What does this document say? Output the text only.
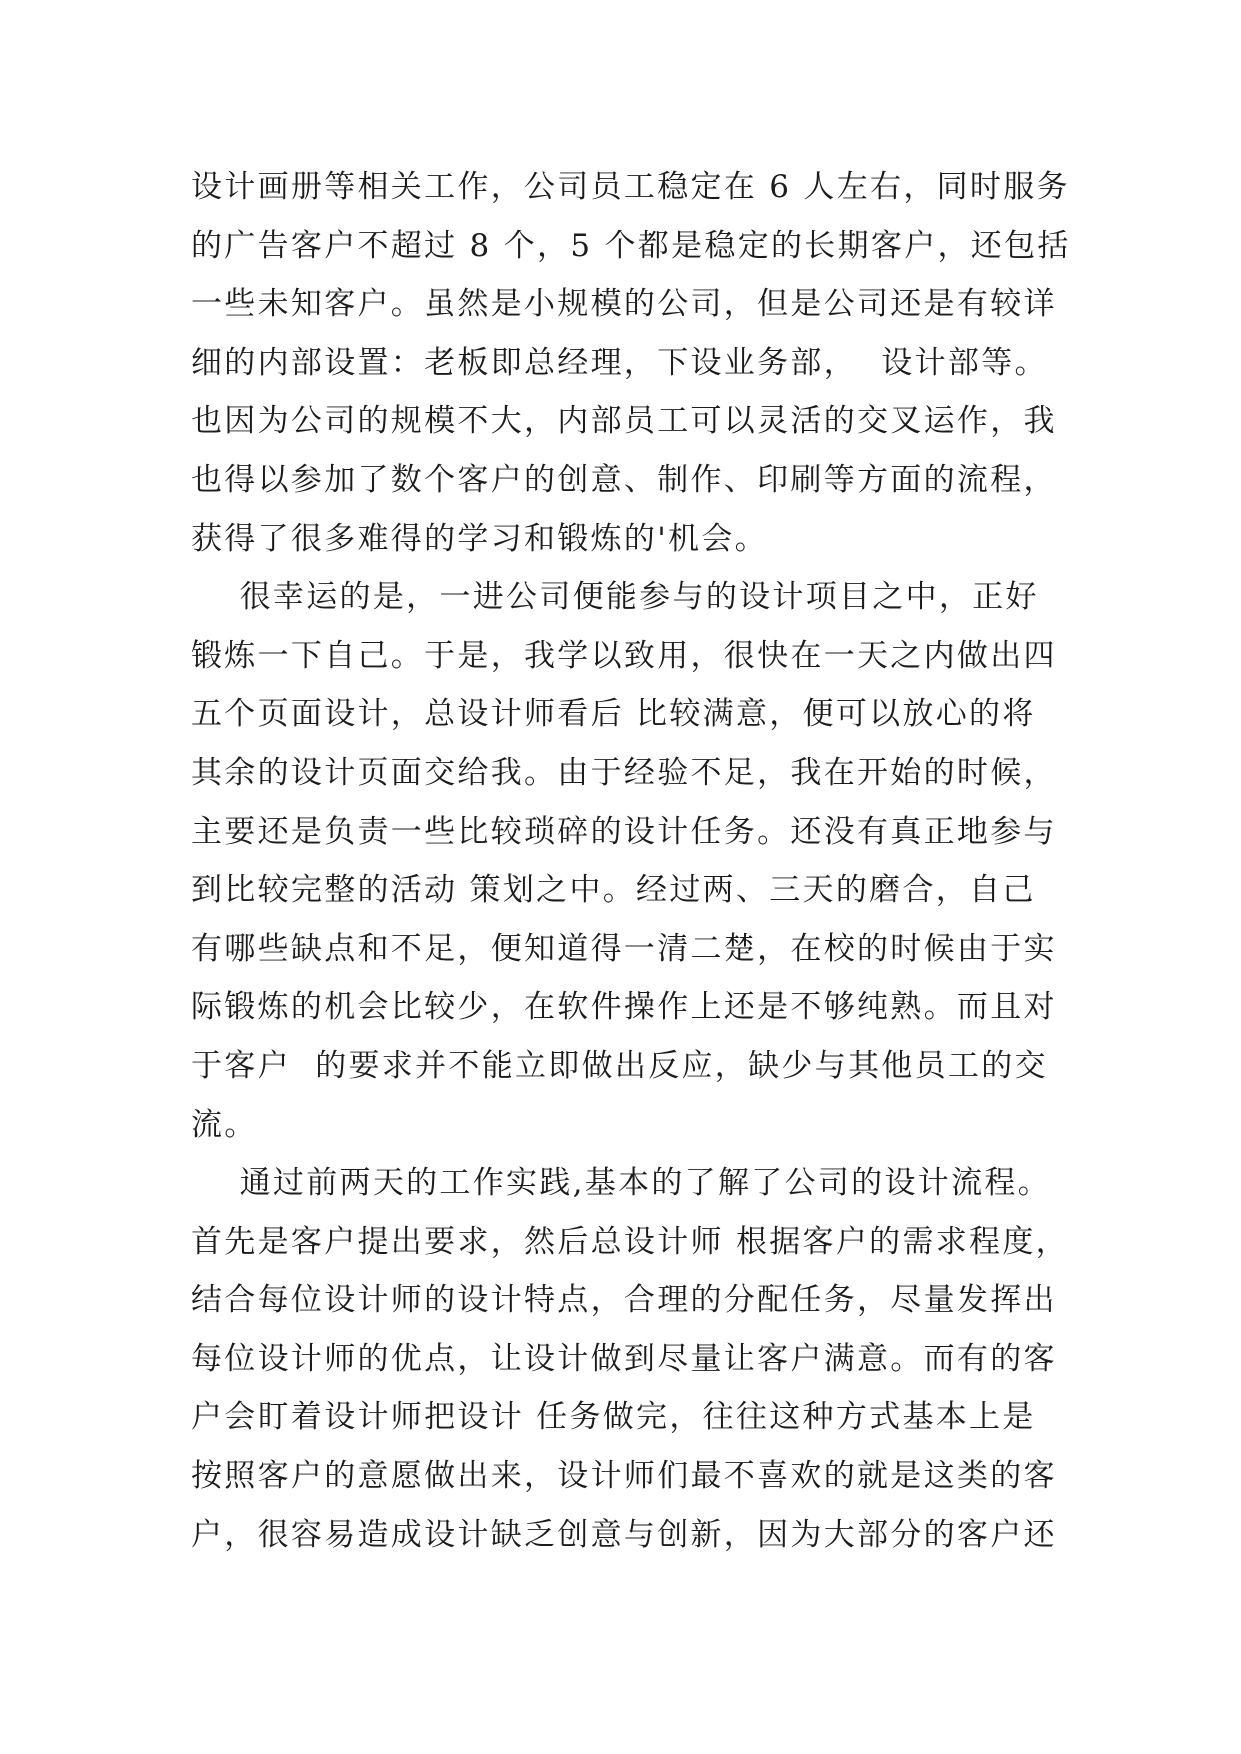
设计画册等相关工作，公司员工稳定在 6 人左右，同时服务
的广告客户不超过 8 个，5 个都是稳定的长期客户，还包括
一些未知客户。虽然是小规模的公司，但是公司还是有较详
细的内部设置：老板即总经理，下设业务部，  设计部等。
也因为公司的规模不大，内部员工可以灵活的交叉运作，我
也得以参加了数个客户的创意、制作、印刷等方面的流程，
获得了很多难得的学习和锻炼的'机会。
很幸运的是，一进公司便能参与的设计项目之中，正好
锻炼一下自己。于是，我学以致用，很快在一天之内做出四
五个页面设计，总设计师看后 比较满意，便可以放心的将
其余的设计页面交给我。由于经验不足，我在开始的时候，
主要还是负责一些比较琐碎的设计任务。还没有真正地参与
到比较完整的活动 策划之中。经过两、三天的磨合，自己
有哪些缺点和不足，便知道得一清二楚，在校的时候由于实
际锻炼的机会比较少，在软件操作上还是不够纯熟。而且对
于客户  的要求并不能立即做出反应，缺少与其他员工的交
流。
通过前两天的工作实践,基本的了解了公司的设计流程。
首先是客户提出要求，然后总设计师 根据客户的需求程度，
结合每位设计师的设计特点，合理的分配任务，尽量发挥出
每位设计师的优点，让设计做到尽量让客户满意。而有的客
户会盯着设计师把设计 任务做完，往往这种方式基本上是
按照客户的意愿做出来，设计师们最不喜欢的就是这类的客
户，很容易造成设计缺乏创意与创新，因为大部分的客户还
